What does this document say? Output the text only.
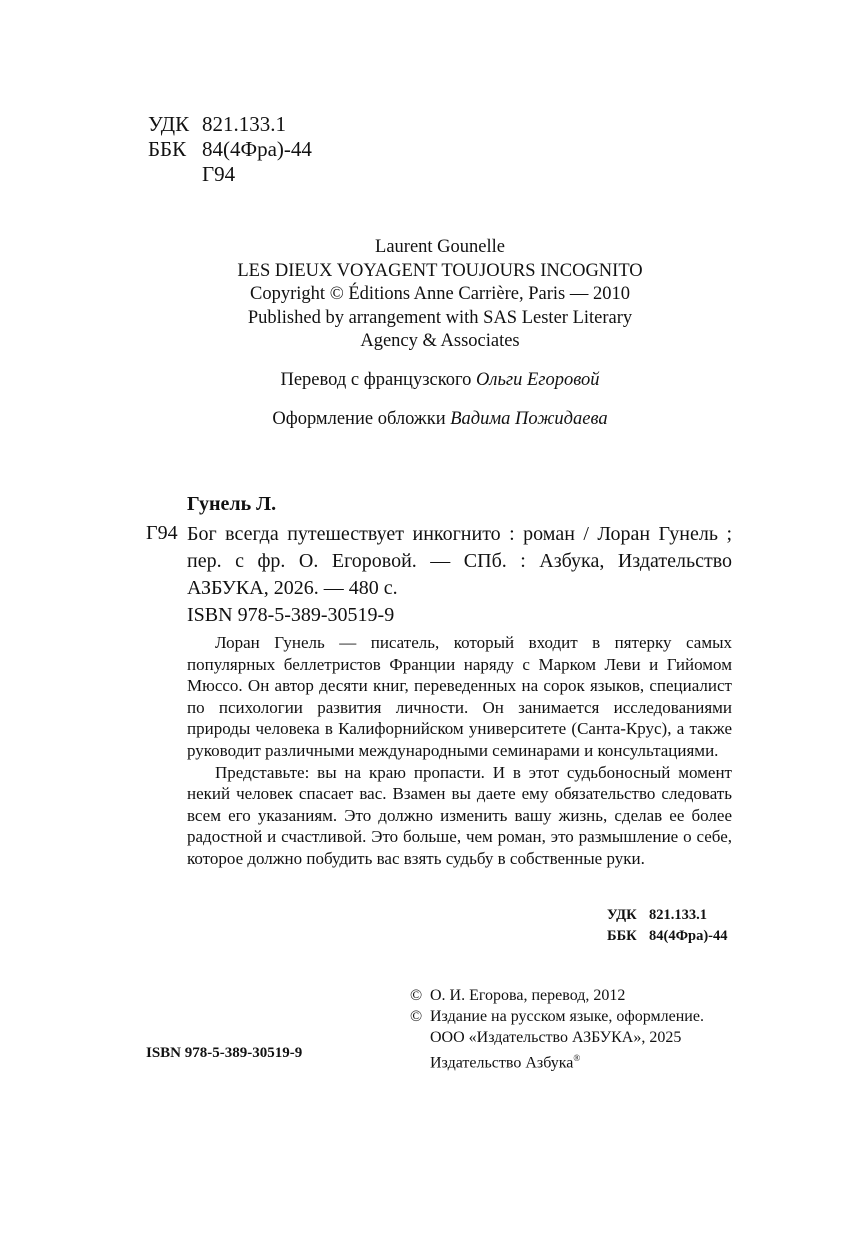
УДК 821.133.1
ББК 84(4Фра)-44
Г94
Laurent Gounelle
LES DIEUX VOYAGENT TOUJOURS INCOGNITO
Copyright © Éditions Anne Carrière, Paris — 2010
Published by arrangement with SAS Lester Literary
Agency & Associates
Перевод с французского Ольги Егоровой
Оформление обложки Вадима Пожидаева
Гунель Л.
Г94 Бог всегда путешествует инкогнито : роман / Лоран Гунель ; пер. с фр. О. Егоровой. — СПб. : Азбука, Издательство АЗБУКА, 2026. — 480 с.
ISBN 978-5-389-30519-9

Лоран Гунель — писатель, который входит в пятерку самых популярных беллетристов Франции наряду с Марком Леви и Гийомом Мюссо. Он автор десяти книг, переведенных на сорок языков, специалист по психологии развития личности. Он занимается исследованиями природы человека в Калифорнийском университете (Санта-Крус), а также руководит различными международными семинарами и консультациями.

Представьте: вы на краю пропасти. И в этот судьбоносный момент некий человек спасает вас. Взамен вы даете ему обязательство следовать всем его указаниям. Это должно изменить вашу жизнь, сделав ее более радостной и счастливой. Это больше, чем роман, это размышление о себе, которое должно побудить вас взять судьбу в собственные руки.

УДК 821.133.1
ББК 84(4Фра)-44
© О. И. Егорова, перевод, 2012
© Издание на русском языке, оформление.
ООО «Издательство АЗБУКА», 2025
Издательство Азбука®
ISBN 978-5-389-30519-9
